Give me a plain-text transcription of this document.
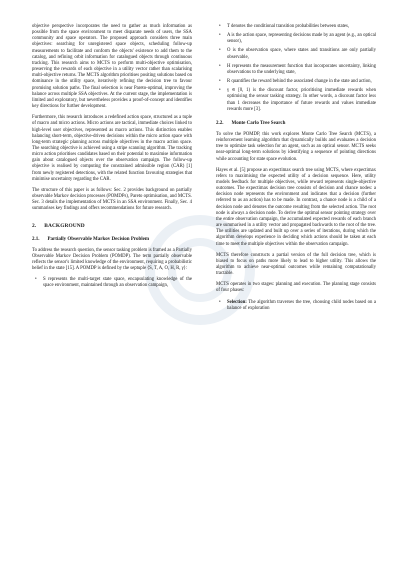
objective perspective incorporates the need to gather as much information as possible from the space environment to meet disparate needs of users, the SSA community and space operators. The proposed approach considers three main objectives: searching for unregistered space objects, scheduling follow-up measurements to facilitate and conform the objects' existence to add them to the catalog, and refining orbit information for catalogued objects through continuous tracking. This research aims to MCTS to perform multi-objective optimisation, preserving the rewards of each objective in a utility vector rather than scalarising multi-objective returns. The MCTS algorithm prioritises positing solutions based on dominance in the utility space, iteratively refining the decision tree to favour promising solution paths. The final selection is near Pareto-optimal, improving the balance across multiple SSA objectives. At the current stage, the implementation is limited and exploratory, but nevertheless provides a proof-of-concept and identifies key directions for further development.

Furthermore, this research introduces a redefined action space, structured as a tuple of macro and micro actions. Micro actions are tactical, immediate choices linked to high-level user objectives, represented as macro actions. This distinction enables balancing short-term, objective-driven decisions within the micro action space with long-term strategic planning across multiple objectives in the macro action space. The searching objective is achieved using a stripe scanning algorithm. The tracking micro action prioritises candidates based on their potential to maximise information gain about catalogued objects over the observation campaign. The follow-up objective is realised by computing the constrained admissible region (CAR) [1] from newly registered detections, with the related function favouring strategies that minimise uncertainty regarding the CAR.

The structure of this paper is as follows: Sec. 2 provides background on partially observable Markov decision processes (POMDPs), Pareto optimisation, and MCTS. Sec. 3 details the implementation of MCTS in an SSA environment. Finally, Sec. 4 summarises key findings and offers recommendations for future research.

2. BACKGROUND
2.1. Partially Observable Markov Decision Problem

To address the research question, the sensor tasking problem is framed as a Partially Observable Markov Decision Problem (POMDP). The term partially observable reflects the sensor's limited knowledge of the environment, requiring a probabilistic belief in the state [15]. A POMDP is defined by the septuple ⟨S, T, A, O, H, R, γ⟩:

• S represents the multi-target state space, encapsulating knowledge of the space environment, maintained through an observation campaign,

• T denotes the conditional transition probabilities between states,

• A is the action space, representing decisions made by an agent (e.g., an optical sensor),

• O is the observation space, where states and transitions are only partially observable,

• H represents the measurement function that incorporates uncertainty, linking observations to the underlying state,

• R quantifies the reward behind the associated change in the state and action,

• γ ∈ [0, 1) is the discount factor, prioritising immediate rewards when optimising the sensor tasking strategy. In other words, a discount factor less than 1 decreases the importance of future rewards and values immediate rewards more [3].

2.2. Monte Carlo Tree Search

To solve the POMDP, this work explores Monte Carlo Tree Search (MCTS), a reinforcement learning algorithm that dynamically builds and evaluates a decision tree to optimize task selection for an agent, such as an optical sensor. MCTS seeks near-optimal long-term solutions by identifying a sequence of pointing directions while accounting for state space evolution.

Hayes et al. [5] propose an expectimax search tree using MCTS, where expectimax refers to maximising the expected utility of a decision sequence. Here, utility models feedback for multiple objectives, while reward represents single-objective outcomes. The expectimax decision tree consists of decision and chance nodes: a decision node represents the environment and indicates that a decision (further referred to as an action) has to be made. In contrast, a chance node is a child of a decision node and denotes the outcome resulting from the selected action. The root node is always a decision node. To derive the optimal sensor pointing strategy over the entire observation campaign, the accumulated expected rewards of each branch are summarised in a utility vector and propagated backwards to the root of the tree. The utilities are updated and built up over a series of iterations, during which the algorithm develops experience in deciding which actions should be taken at each time to meet the multiple objectives within the observation campaign.

MCTS therefore constructs a partial version of the full decision tree, which is biased to focus on paths more likely to lead to higher utility. This allows the algorithm to achieve near-optimal outcomes while remaining computationally tractable.

MCTS operates in two stages: planning and execution. The planning stage consists of four phases:

• Selection: The algorithm traverses the tree, choosing child nodes based on a balance of exploration
